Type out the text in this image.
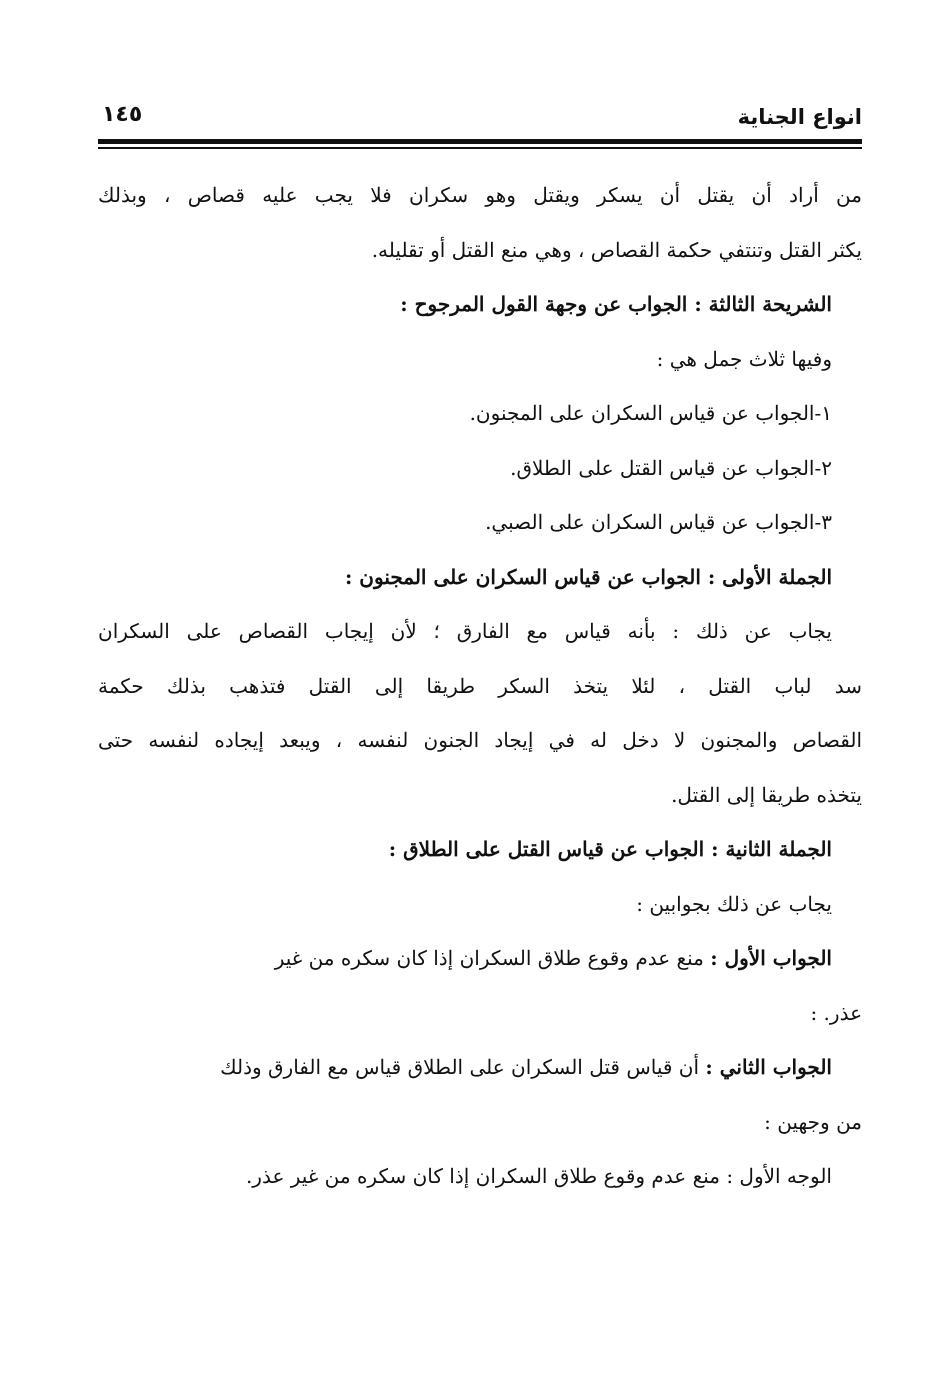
انواع الجناية
١٤٥
من أراد أن يقتل أن يسكر ويقتل وهو سكران فلا يجب عليه قصاص ، وبذلك
يكثر القتل وتنتفي حكمة القصاص ، وهي منع القتل أو تقليله.
الشريحة الثالثة : الجواب عن وجهة القول المرجوح :
وفيها ثلاث جمل هي :
١-الجواب عن قياس السكران على المجنون.
٢-الجواب عن قياس القتل على الطلاق.
٣-الجواب عن قياس السكران على الصبي.
الجملة الأولى : الجواب عن قياس السكران على المجنون :
يجاب عن ذلك : بأنه قياس مع الفارق ؛ لأن إيجاب القصاص على السكران
سد لباب القتل ، لئلا يتخذ السكر طريقا إلى القتل فتذهب بذلك حكمة
القصاص والمجنون لا دخل له في إيجاد الجنون لنفسه ، ويبعد إيجاده لنفسه حتى
يتخذه طريقا إلى القتل.
الجملة الثانية : الجواب عن قياس القتل على الطلاق :
يجاب عن ذلك بجوابين :
الجواب الأول : منع عدم وقوع طلاق السكران إذا كان سكره من غير
عذر. :
الجواب الثاني : أن قياس قتل السكران على الطلاق قياس مع الفارق وذلك
من وجهين :
الوجه الأول : منع عدم وقوع طلاق السكران إذا كان سكره من غير عذر.
